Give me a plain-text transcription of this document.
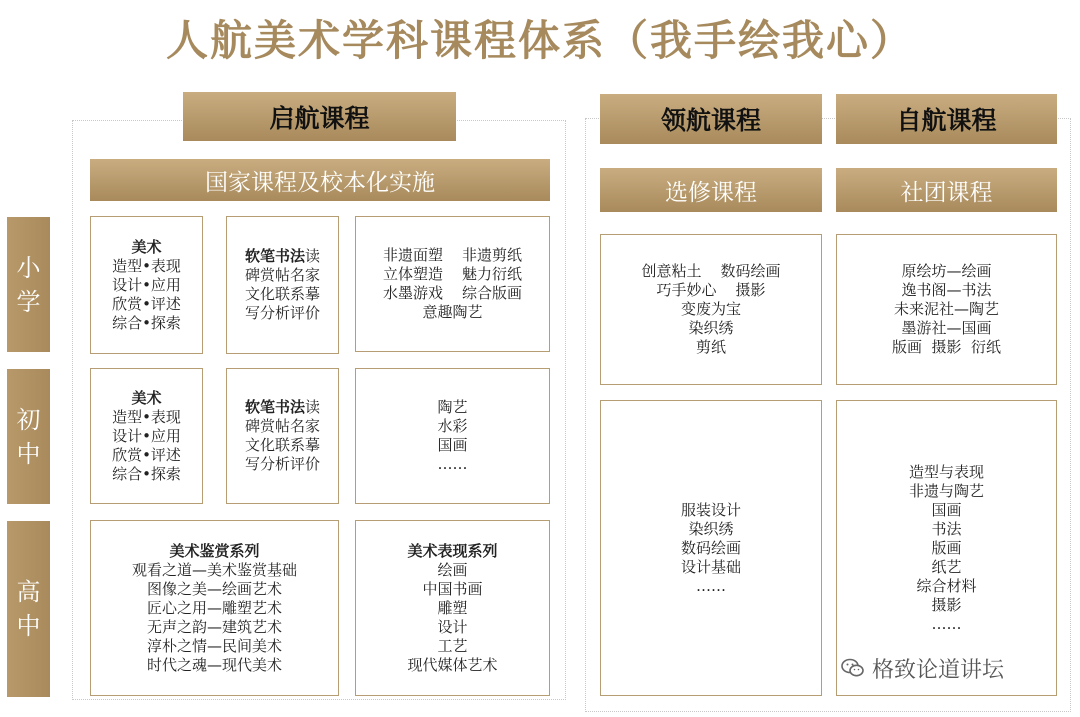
人航美术学科课程体系（我手绘我心）
启航课程	领航课程	自航课程
国家课程及校本化实施	选修课程	社团课程
小
学
初
中
高
中
美术
造型•表现
设计•应用
欣赏•评述
综合•探索
软笔书法读
碑赏帖名家
文化联系摹
写分析评价
非遗面塑    非遗剪纸
立体塑造    魅力衍纸
水墨游戏    综合版画
意趣陶艺
创意粘土    数码绘画
巧手妙心    摄影
变废为宝
染织绣
剪纸
原绘坊—绘画
逸书阁—书法
未来泥社—陶艺
墨游社—国画
版画  摄影  衍纸
美术
造型•表现
设计•应用
欣赏•评述
综合•探索
软笔书法读
碑赏帖名家
文化联系摹
写分析评价
陶艺
水彩
国画
……
美术鉴赏系列
观看之道—美术鉴赏基础
图像之美—绘画艺术
匠心之用—雕塑艺术
无声之韵—建筑艺术
淳朴之情—民间美术
时代之魂—现代美术
美术表现系列
绘画
中国书画
雕塑
设计
工艺
现代媒体艺术
服装设计
染织绣
数码绘画
设计基础
……
造型与表现
非遗与陶艺
国画
书法
版画
纸艺
综合材料
摄影
……
格致论道讲坛
